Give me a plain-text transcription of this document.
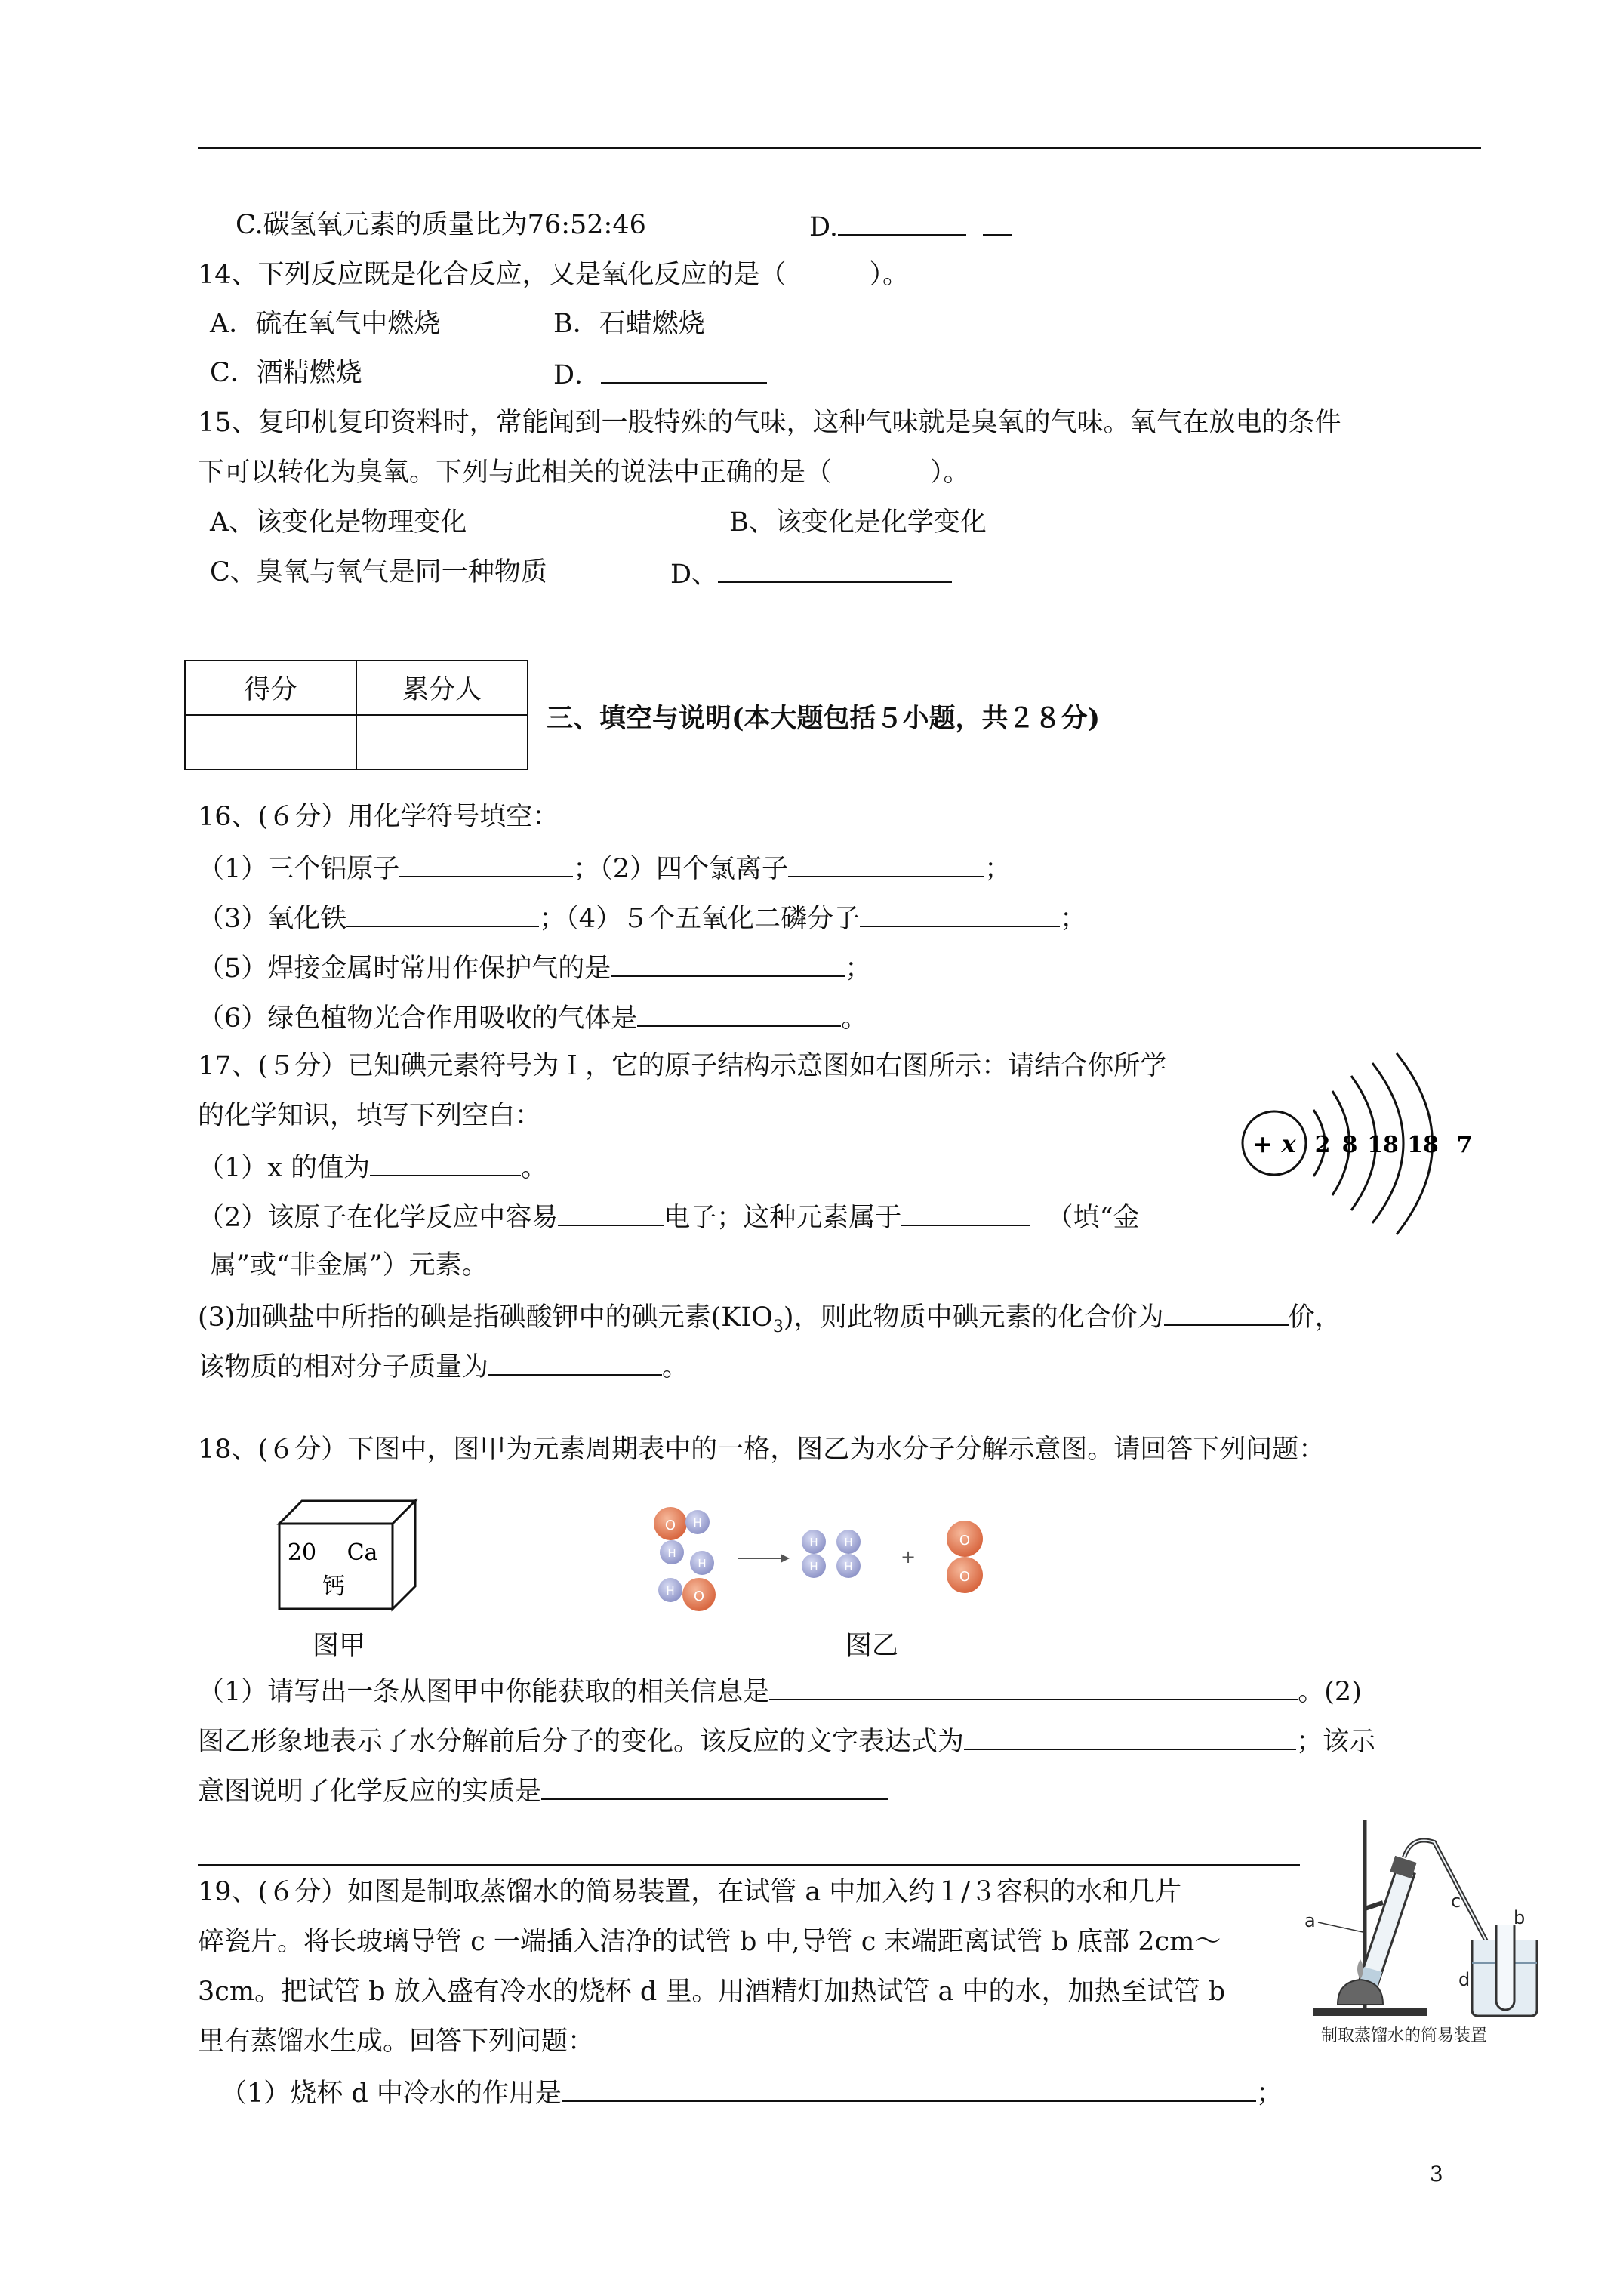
C.碳氢氧元素的质量比为76:52:46	D.
14、下列反应既是化合反应，又是氧化反应的是（	）。
A．硫在氧气中燃烧	B．石蜡燃烧
C．酒精燃烧	D．
15、复印机复印资料时，常能闻到一股特殊的气味，这种气味就是臭氧的气味。氧气在放电的条件
下可以转化为臭氧。下列与此相关的说法中正确的是（	）。
A、该变化是物理变化	B、该变化是化学变化
C、臭氧与氧气是同一种物质	D、
得分	累分人

三、填空与说明(本大题包括５小题，共２８分)
16、(６分）用化学符号填空：
（1）三个铝原子	；（2）四个氯离子	；
（3）氧化铁	；（4）５个五氧化二磷分子	；
（5）焊接金属时常用作保护气的是	；
（6）绿色植物光合作用吸收的气体是	。
17、(５分）已知碘元素符号为Ｉ，它的原子结构示意图如右图所示：请结合你所学
的化学知识，填写下列空白：
（1）x 的值为	。
（2）该原子在化学反应中容易	电子；这种元素属于	（填“金
属”或“非金属”）元素。
(3)加碘盐中所指的碘是指碘酸钾中的碘元素$(KIO_3)$，则此物质中碘元素的化合价为	价，
该物质的相对分子质量为	。
+ x 2 8 18 18 7
18、(６分）下图中，图甲为元素周期表中的一格，图乙为水分子分解示意图。请回答下列问题：
20 Ca
钙
图甲
O H
H
H
H O
H
H
H
H	+
O
O
图乙
（1）请写出一条从图甲中你能获取的相关信息是	。(2)
图乙形象地表示了水分解前后分子的变化。该反应的文字表达式为	；该示
意图说明了化学反应的实质是
19、(６分）如图是制取蒸馏水的简易装置，在试管 a 中加入约１/３容积的水和几片
碎瓷片。将长玻璃导管 c 一端插入洁净的试管 b 中,导管 c 末端距离试管 b 底部 2cm～
3cm。把试管 b 放入盛有冷水的烧杯 d 里。用酒精灯加热试管 a 中的水，加热至试管 b
里有蒸馏水生成。回答下列问题：
（1）烧杯 d 中冷水的作用是	；
a
c
b
d
制取蒸馏水的简易装置
3
